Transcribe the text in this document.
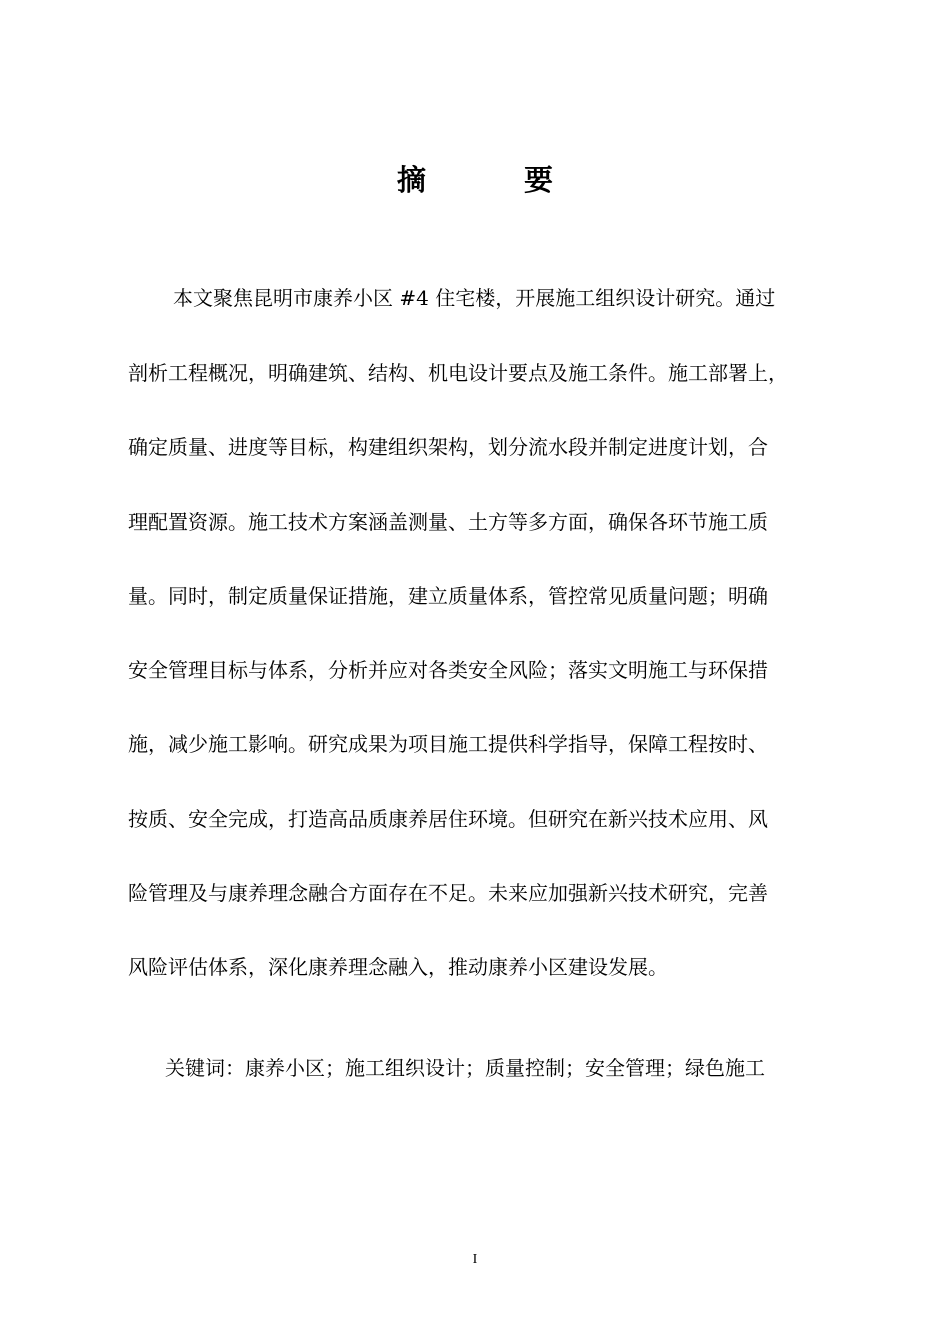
摘 要
本文聚焦昆明市康养小区 #4 住宅楼，开展施工组织设计研究。通过
剖析工程概况，明确建筑、结构、机电设计要点及施工条件。施工部署上，
确定质量、进度等目标，构建组织架构，划分流水段并制定进度计划，合
理配置资源。施工技术方案涵盖测量、土方等多方面，确保各环节施工质
量。同时，制定质量保证措施，建立质量体系，管控常见质量问题；明确
安全管理目标与体系，分析并应对各类安全风险；落实文明施工与环保措
施，减少施工影响。研究成果为项目施工提供科学指导，保障工程按时、
按质、安全完成，打造高品质康养居住环境。但研究在新兴技术应用、风
险管理及与康养理念融合方面存在不足。未来应加强新兴技术研究，完善
风险评估体系，深化康养理念融入，推动康养小区建设发展。
关键词：康养小区；施工组织设计；质量控制；安全管理；绿色施工
I
